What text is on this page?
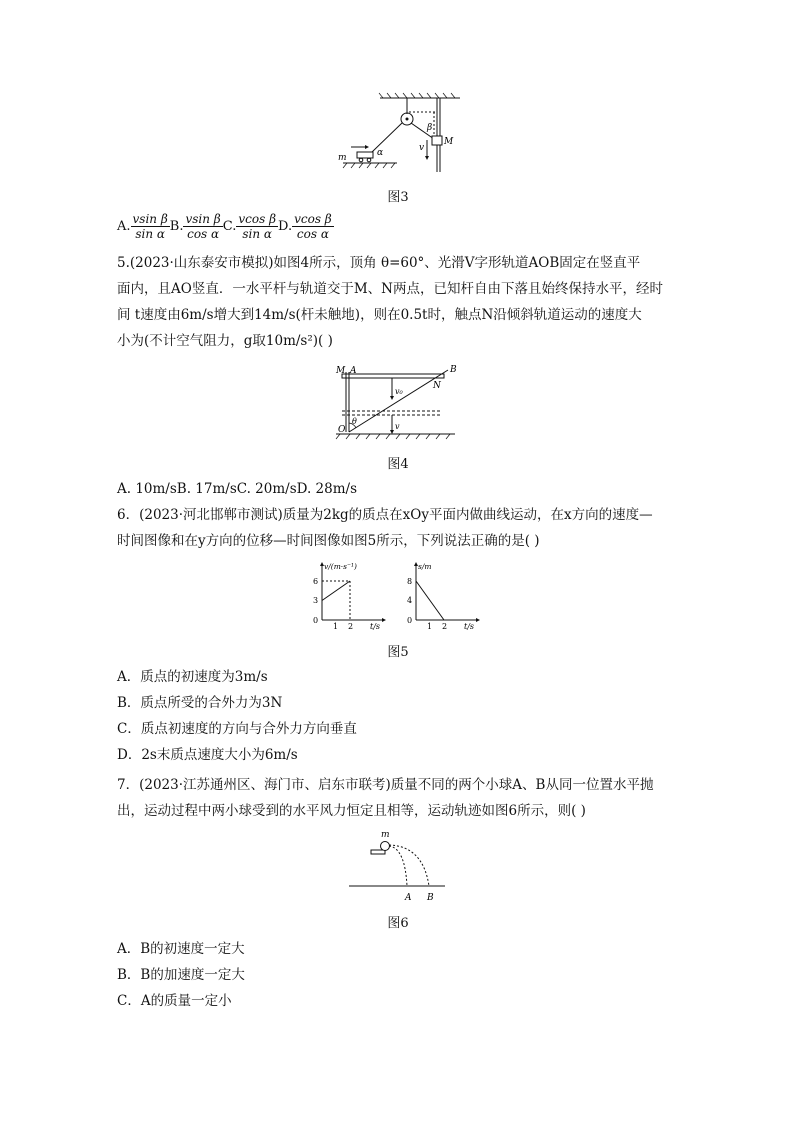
m	α
β
v
M
图3
A. $\frac{\text{vsin β}}{\text{sin α}} B$. $\frac{\text{vsin β}}{\text{cos α}} C$. $\frac{\text{vcos β}}{\text{sin α}} D$. $\frac{\text{vcos β}}{\text{cos α}}$
5.(2023·山东泰安市模拟)如图4所示，顶角 θ=60°、光滑V字形轨道AOB固定在竖直平
面内，且AO竖直．一水平杆与轨道交于M、N两点，已知杆自由下落且始终保持水平，经时
间 t速度由6m/s增大到14m/s(杆未触地)，则在0.5t时，触点N沿倾斜轨道运动的速度大
小为(不计空气阻力，g取10m/s²)( )
M A	B
N
v₀
O
θ
v
图4
A. 10m/sB. 17m/sC. 20m/sD. 28m/s
6．(2023·河北邯郸市测试)质量为2kg的质点在xOy平面内做曲线运动，在x方向的速度—
时间图像和在y方向的位移—时间图像如图5所示，下列说法正确的是( )
v/(m·s⁻¹)
t/s
6
3
0
1 2
s/m
t/s
8
4
0
1 2
图5
A．质点的初速度为3m/s
B．质点所受的合外力为3N
C．质点初速度的方向与合外力方向垂直
D．2s末质点速度大小为6m/s
7．(2023·江苏通州区、海门市、启东市联考)质量不同的两个小球A、B从同一位置水平抛
出，运动过程中两小球受到的水平风力恒定且相等，运动轨迹如图6所示，则( )
m
A B
图6
A．B的初速度一定大
B．B的加速度一定大
C．A的质量一定小
